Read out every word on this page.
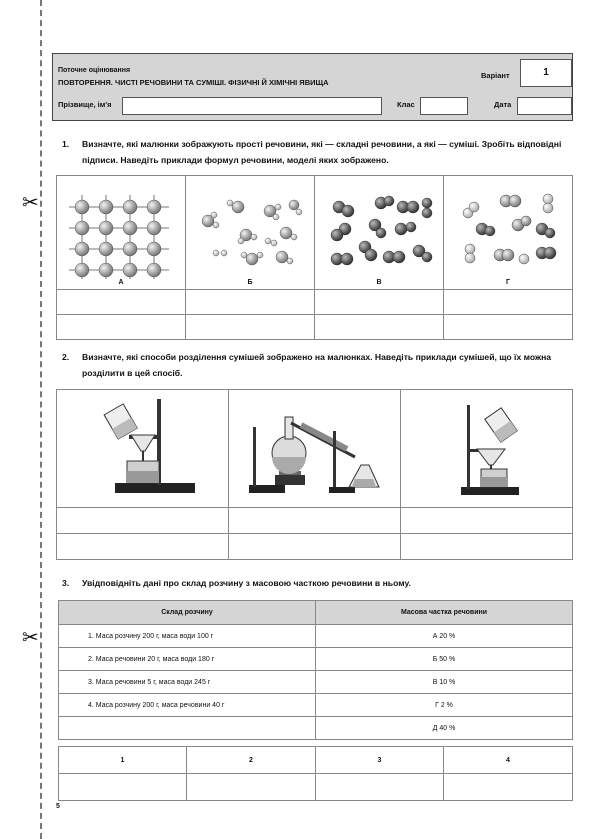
✂
✂
Поточне оцінювання
ПОВТОРЕННЯ. ЧИСТІ РЕЧОВИНИ ТА СУМІШІ. ФІЗИЧНІ Й ХІМІЧНІ ЯВИЩА
Варіант	1
Прізвище, ім'я	Клас	Дата
1. Визначте, які малюнки зображують прості речовини, які — складні речовини, а які — суміші. Зробіть відповідні підписи. Наведіть приклади формул речовини, моделі яких зображено.
А	Б	В	Г

2. Визначте, які способи розділення сумішей зображено на малюнках. Наведіть приклади сумішей, що їх можна розділити в цей спосіб.

3. Увідповідніть дані про склад розчину з масовою часткою речовини в ньому.
Склад розчину	Масова частка речовини
1. Маса розчину 200 г, маса води 100 г	А 20 %
2. Маса речовини 20 г, маса води 180 г	Б 50 %
3. Маса речовини 5 г, маса води 245 г	В 10 %
4. Маса розчину 200 г, маса речовини 40 г	Г 2 %
	Д 40 %
1	2	3	4

5
